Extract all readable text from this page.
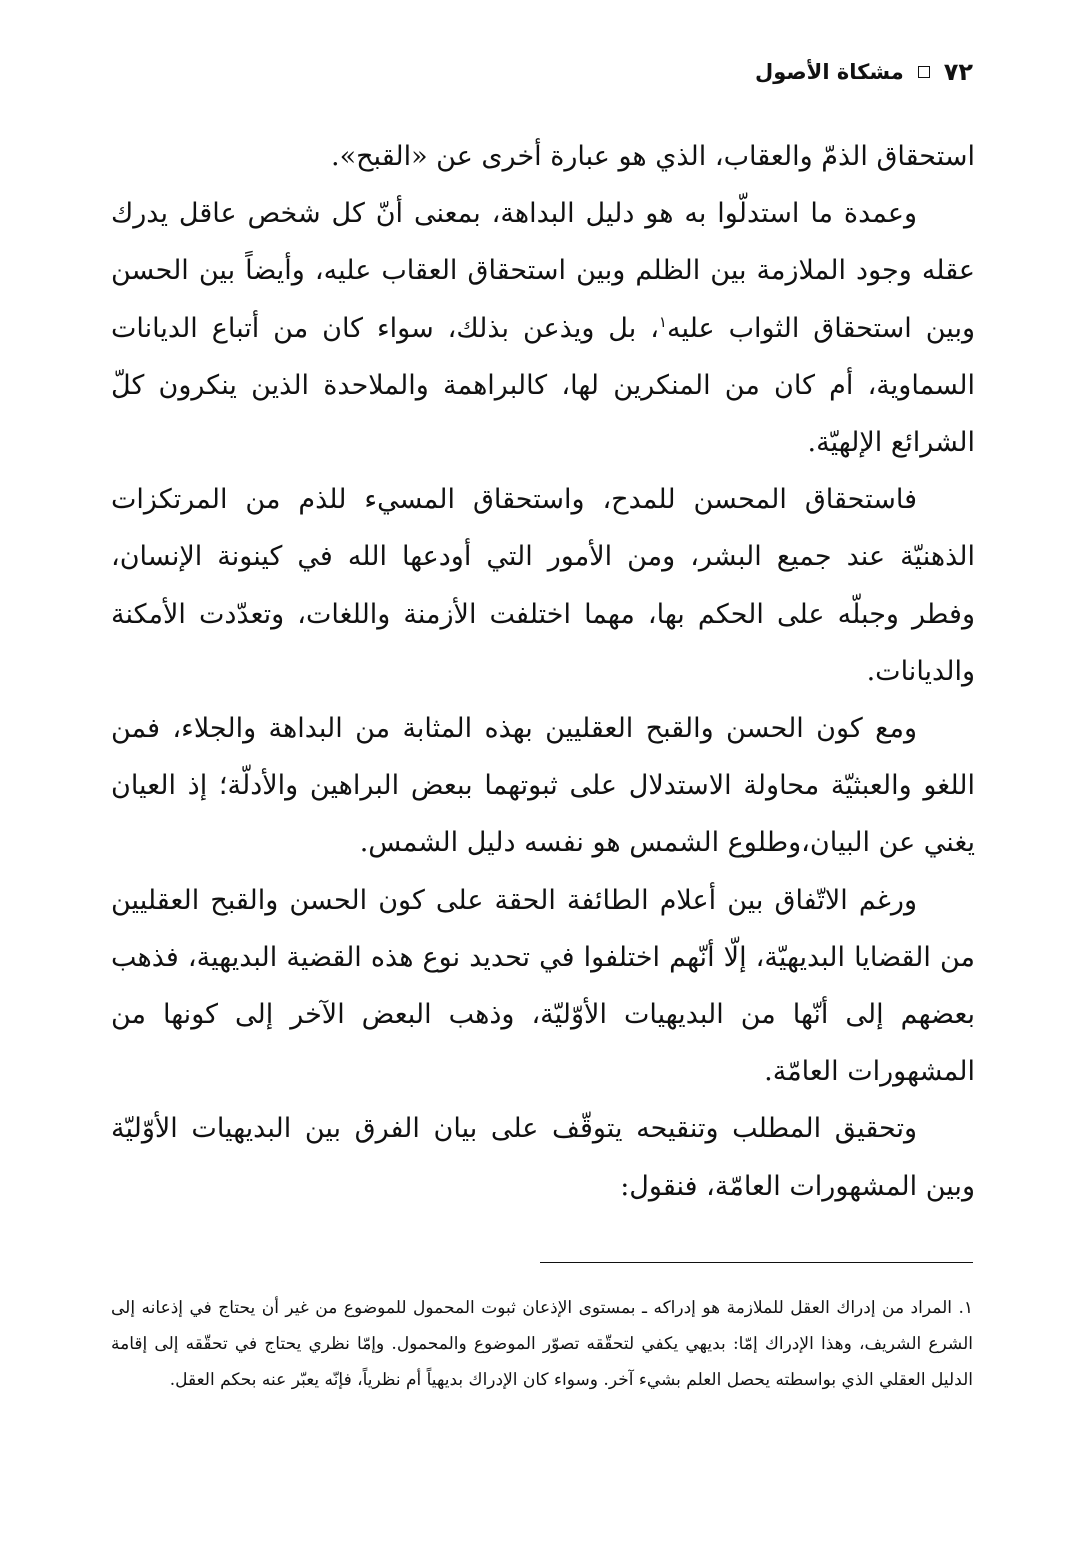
٧٢
مشكاة الأصول

استحقاق الذمّ والعقاب، الذي هو عبارة أخرى عن «القبح».

وعمدة ما استدلّوا به هو دليل البداهة، بمعنى أنّ كل شخص عاقل يدرك عقله وجود الملازمة بين الظلم وبين استحقاق العقاب عليه، وأيضاً بين الحسن وبين استحقاق الثواب عليه$^١$، بل ويذعن بذلك، سواء كان من أتباع الديانات السماوية، أم كان من المنكرين لها، كالبراهمة والملاحدة الذين ينكرون كلّ الشرائع الإلهيّة.

فاستحقاق المحسن للمدح، واستحقاق المسيء للذم من المرتكزات الذهنيّة عند جميع البشر، ومن الأمور التي أودعها الله في كينونة الإنسان، وفطر وجبلّه على الحكم بها، مهما اختلفت الأزمنة واللغات، وتعدّدت الأمكنة والديانات.

ومع كون الحسن والقبح العقليين بهذه المثابة من البداهة والجلاء، فمن اللغو والعبثيّة محاولة الاستدلال على ثبوتهما ببعض البراهين والأدلّة؛ إذ العيان يغني عن البيان،وطلوع الشمس هو نفسه دليل الشمس.

ورغم الاتّفاق بين أعلام الطائفة الحقة على كون الحسن والقبح العقليين من القضايا البديهيّة، إلّا أنّهم اختلفوا في تحديد نوع هذه القضية البديهية، فذهب بعضهم إلى أنّها من البديهيات الأوّليّة، وذهب البعض الآخر إلى كونها من المشهورات العامّة.

وتحقيق المطلب وتنقيحه يتوقّف على بيان الفرق بين البديهيات الأوّليّة وبين المشهورات العامّة، فنقول:

١. المراد من إدراك العقل للملازمة هو إدراكه ـ بمستوى الإذعان ثبوت المحمول للموضوع من غير أن يحتاج في إذعانه إلى الشرع الشريف، وهذا الإدراك إمّا: بديهي يكفي لتحقّقه تصوّر الموضوع والمحمول. وإمّا نظري يحتاج في تحقّقه إلى إقامة الدليل العقلي الذي بواسطته يحصل العلم بشيء آخر. وسواء كان الإدراك بديهياً أم نظرياً، فإنّه يعبّر عنه بحكم العقل.
